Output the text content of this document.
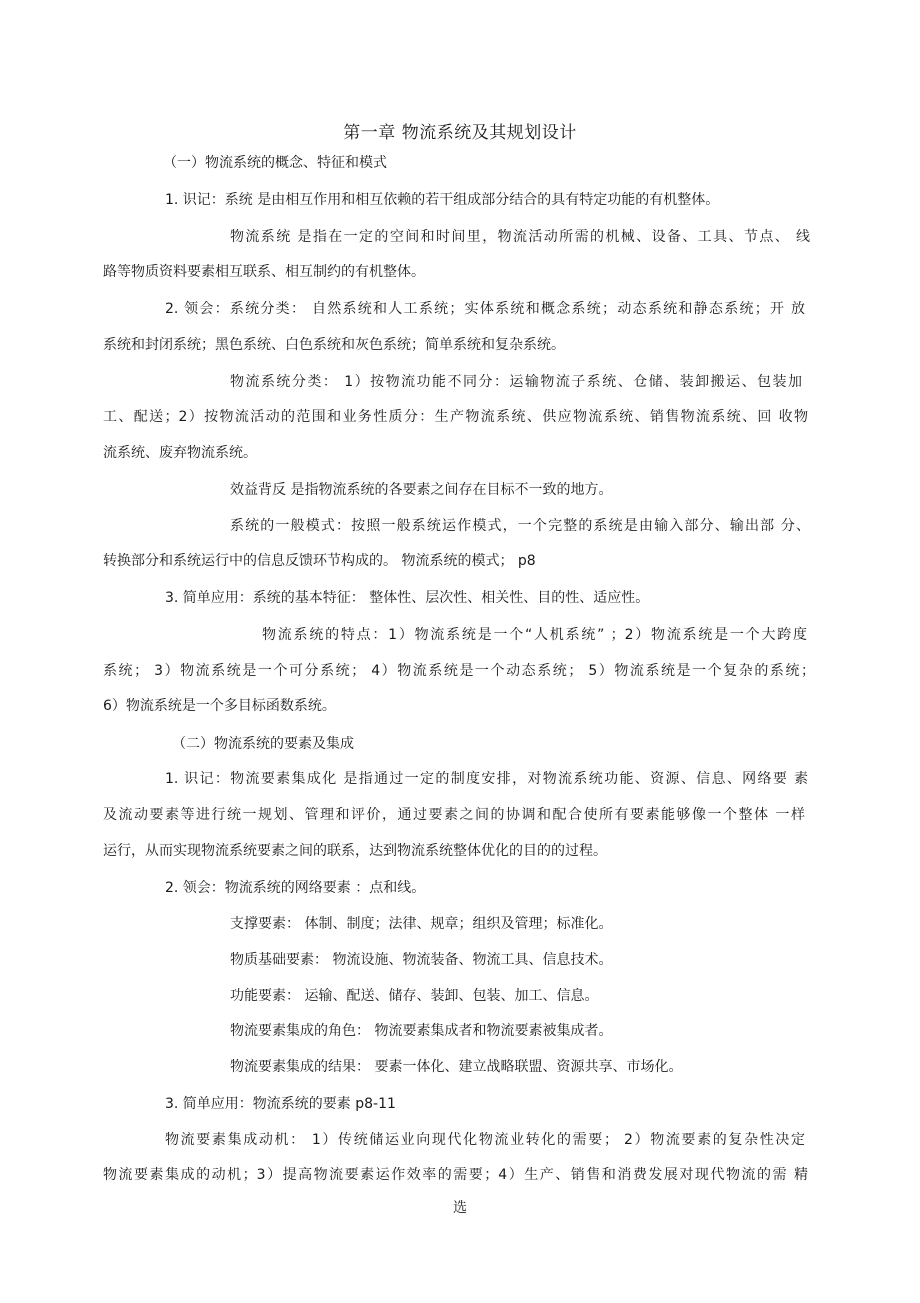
第一章 物流系统及其规划设计
（一）物流系统的概念、特征和模式
1. 识记：系统 是由相互作用和相互依赖的若干组成部分结合的具有特定功能的有机整体。
物流系统 是指在一定的空间和时间里，物流活动所需的机械、设备、工具、节点、 线
路等物质资料要素相互联系、相互制约的有机整体。
2. 领会：系统分类： 自然系统和人工系统；实体系统和概念系统；动态系统和静态系统；开 放
系统和封闭系统；黑色系统、白色系统和灰色系统；简单系统和复杂系统。
物流系统分类： 1）按物流功能不同分：运输物流子系统、仓储、装卸搬运、包装加
工、配送；2）按物流活动的范围和业务性质分：生产物流系统、供应物流系统、销售物流系统、回 收物
流系统、废弃物流系统。
效益背反 是指物流系统的各要素之间存在目标不一致的地方。
系统的一般模式：按照一般系统运作模式，一个完整的系统是由输入部分、输出部 分、
转换部分和系统运行中的信息反馈环节构成的。 物流系统的模式； p8
3. 简单应用：系统的基本特征： 整体性、层次性、相关性、目的性、适应性。
物流系统的特点：1）物流系统是一个“人机系统” ；2）物流系统是一个大跨度
系统； 3）物流系统是一个可分系统； 4）物流系统是一个动态系统； 5）物流系统是一个复杂的系统；
6）物流系统是一个多目标函数系统。
（二）物流系统的要素及集成
1. 识记：物流要素集成化 是指通过一定的制度安排，对物流系统功能、资源、信息、网络要 素
及流动要素等进行统一规划、管理和评价，通过要素之间的协调和配合使所有要素能够像一个整体 一样
运行，从而实现物流系统要素之间的联系，达到物流系统整体优化的目的的过程。
2. 领会：物流系统的网络要素 ：点和线。
支撑要素： 体制、制度；法律、规章；组织及管理；标准化。
物质基础要素： 物流设施、物流装备、物流工具、信息技术。
功能要素： 运输、配送、储存、装卸、包装、加工、信息。
物流要素集成的角色： 物流要素集成者和物流要素被集成者。
物流要素集成的结果： 要素一体化、建立战略联盟、资源共享、市场化。
3. 简单应用：物流系统的要素 p8-11
物流要素集成动机： 1）传统储运业向现代化物流业转化的需要； 2）物流要素的复杂性决定
物流要素集成的动机；3）提高物流要素运作效率的需要；4）生产、销售和消费发展对现代物流的需 精
选
